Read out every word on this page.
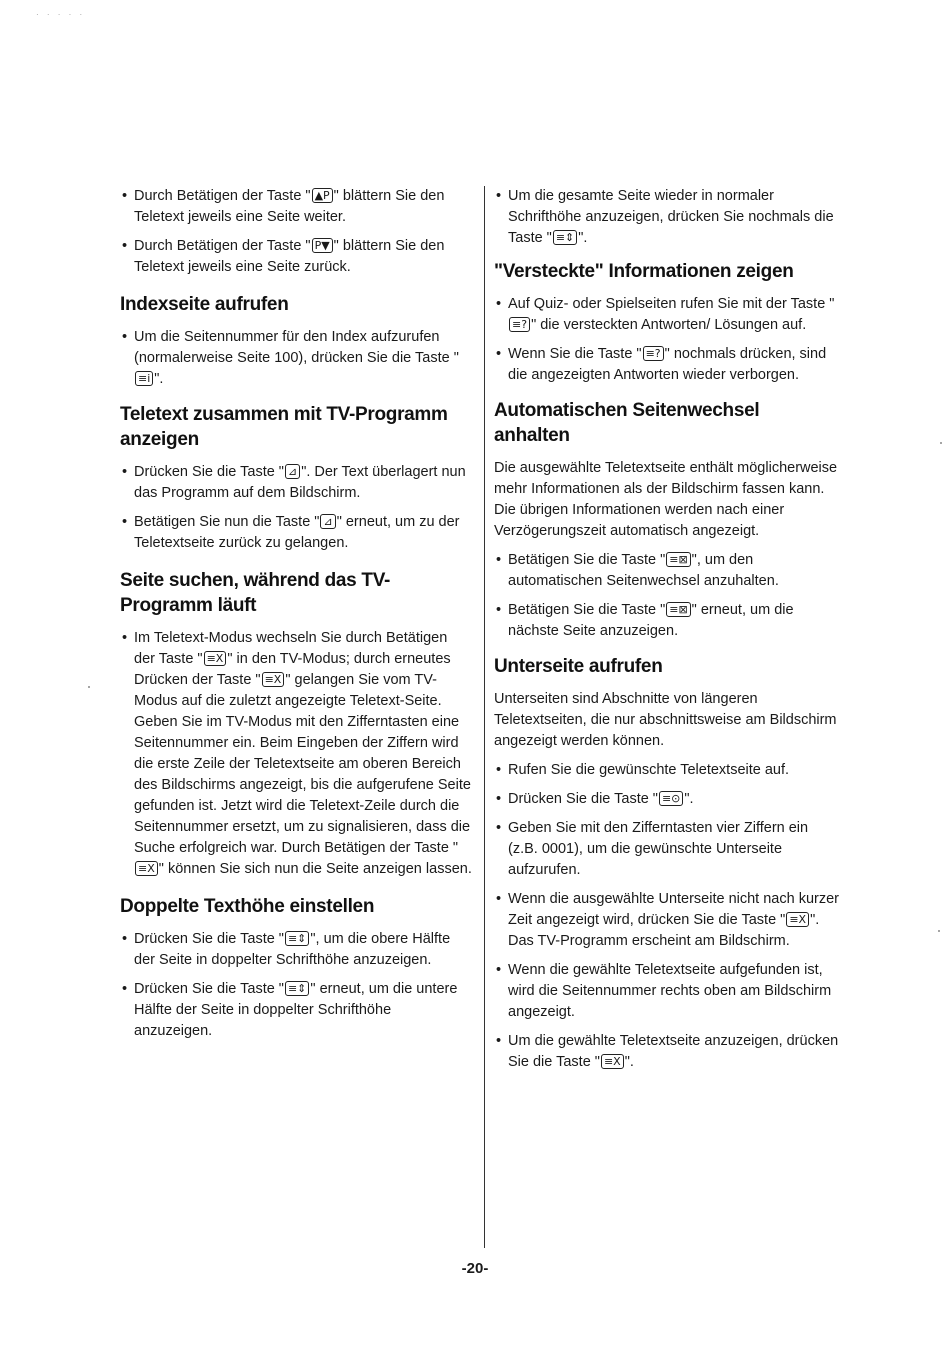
· · · · ·

• Durch Betätigen der Taste " ▲P " blättern Sie den Teletext jeweils eine Seite weiter.

• Durch Betätigen der Taste " P▼ " blättern Sie den Teletext jeweils eine Seite zurück.

Indexseite aufrufen

• Um die Seitennummer für den Index aufzurufen (normalerweise Seite 100), drücken Sie die Taste "≡i ".

Teletext zusammen mit TV-Programm anzeigen

• Drücken Sie die Taste " ⊿ ". Der Text überlagert nun das Programm auf dem Bildschirm.

• Betätigen Sie nun die Taste " ⊿ " erneut, um zu der Teletextseite zurück zu gelangen.

Seite suchen, während das TV-Programm läuft

• Im Teletext-Modus wechseln Sie durch Betätigen der Taste " ≡X " in den TV-Modus; durch erneutes Drücken der Taste " ≡X " gelangen Sie vom TV-Modus auf die zuletzt angezeigte Teletext-Seite. Geben Sie im TV-Modus mit den Zifferntasten eine Seitennummer ein. Beim Eingeben der Ziffern wird die erste Zeile der Teletextseite am oberen Bereich des Bildschirms angezeigt, bis die aufgerufene Seite gefunden ist. Jetzt wird die Teletext-Zeile durch die Seitennummer ersetzt, um zu signalisieren, dass die Suche erfolgreich war. Durch Betätigen der Taste "≡X " können Sie sich nun die Seite anzeigen lassen.

Doppelte Texthöhe einstellen

• Drücken Sie die Taste " ≡⇕ ", um die obere Hälfte der Seite in doppelter Schrifthöhe anzuzeigen.

• Drücken Sie die Taste " ≡⇕ " erneut, um die untere Hälfte der Seite in doppelter Schrifthöhe anzuzeigen.

• Um die gesamte Seite wieder in normaler Schrifthöhe anzuzeigen, drücken Sie nochmals die Taste " ≡⇕ ".

"Versteckte" Informationen zeigen

• Auf Quiz- oder Spielseiten rufen Sie mit der Taste "≡? " die versteckten Antworten/ Lösungen auf.

• Wenn Sie die Taste " ≡? " nochmals drücken, sind die angezeigten Antworten wieder verborgen.

Automatischen Seitenwechsel anhalten

Die ausgewählte Teletextseite enthält möglicherweise mehr Informationen als der Bildschirm fassen kann. Die übrigen Informationen werden nach einer Verzögerungszeit automatisch angezeigt.

• Betätigen Sie die Taste " ≡⊠ ", um den automatischen Seitenwechsel anzuhalten.

• Betätigen Sie die Taste " ≡⊠ " erneut, um die nächste Seite anzuzeigen.

Unterseite aufrufen

Unterseiten sind Abschnitte von längeren Teletextseiten, die nur abschnittsweise am Bildschirm angezeigt werden können.

• Rufen Sie die gewünschte Teletextseite auf.

• Drücken Sie die Taste " ≡⊙ ".

• Geben Sie mit den Zifferntasten vier Ziffern ein (z.B. 0001), um die gewünschte Unterseite aufzurufen.

• Wenn die ausgewählte Unterseite nicht nach kurzer Zeit angezeigt wird, drücken Sie die Taste " ≡X ". Das TV-Programm erscheint am Bildschirm.

• Wenn die gewählte Teletextseite aufgefunden ist, wird die Seitennummer rechts oben am Bildschirm angezeigt.

• Um die gewählte Teletextseite anzuzeigen, drücken Sie die Taste " ≡X ".

-20-
